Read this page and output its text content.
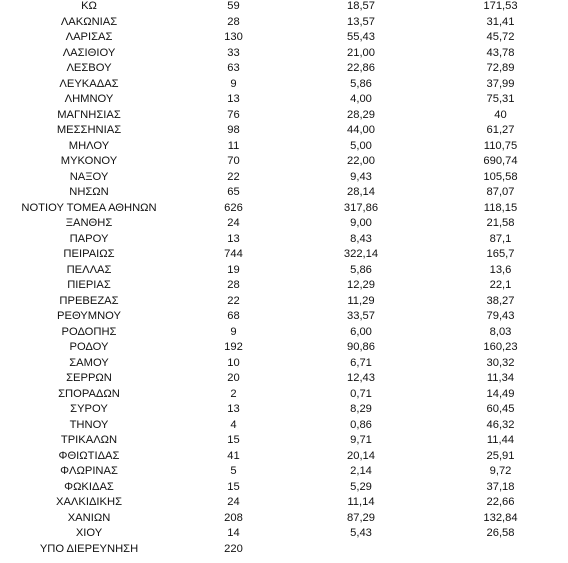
ΚΩ	59	18,57	171,53
ΛΑΚΩΝΙΑΣ	28	13,57	31,41
ΛΑΡΙΣΑΣ	130	55,43	45,72
ΛΑΣΙΘΙΟΥ	33	21,00	43,78
ΛΕΣΒΟΥ	63	22,86	72,89
ΛΕΥΚΑΔΑΣ	9	5,86	37,99
ΛΗΜΝΟΥ	13	4,00	75,31
ΜΑΓΝΗΣΙΑΣ	76	28,29	40
ΜΕΣΣΗΝΙΑΣ	98	44,00	61,27
ΜΗΛΟΥ	11	5,00	110,75
ΜΥΚΟΝΟΥ	70	22,00	690,74
ΝΑΞΟΥ	22	9,43	105,58
ΝΗΣΩΝ	65	28,14	87,07
ΝΟΤΙΟΥ ΤΟΜΕΑ ΑΘΗΝΩΝ	626	317,86	118,15
ΞΑΝΘΗΣ	24	9,00	21,58
ΠΑΡΟΥ	13	8,43	87,1
ΠΕΙΡΑΙΩΣ	744	322,14	165,7
ΠΕΛΛΑΣ	19	5,86	13,6
ΠΙΕΡΙΑΣ	28	12,29	22,1
ΠΡΕΒΕΖΑΣ	22	11,29	38,27
ΡΕΘΥΜΝΟΥ	68	33,57	79,43
ΡΟΔΟΠΗΣ	9	6,00	8,03
ΡΟΔΟΥ	192	90,86	160,23
ΣΑΜΟΥ	10	6,71	30,32
ΣΕΡΡΩΝ	20	12,43	11,34
ΣΠΟΡΑΔΩΝ	2	0,71	14,49
ΣΥΡΟΥ	13	8,29	60,45
ΤΗΝΟΥ	4	0,86	46,32
ΤΡΙΚΑΛΩΝ	15	9,71	11,44
ΦΘΙΩΤΙΔΑΣ	41	20,14	25,91
ΦΛΩΡΙΝΑΣ	5	2,14	9,72
ΦΩΚΙΔΑΣ	15	5,29	37,18
ΧΑΛΚΙΔΙΚΗΣ	24	11,14	22,66
ΧΑΝΙΩΝ	208	87,29	132,84
ΧΙΟΥ	14	5,43	26,58
ΥΠΟ ΔΙΕΡΕΥΝΗΣΗ	220		
